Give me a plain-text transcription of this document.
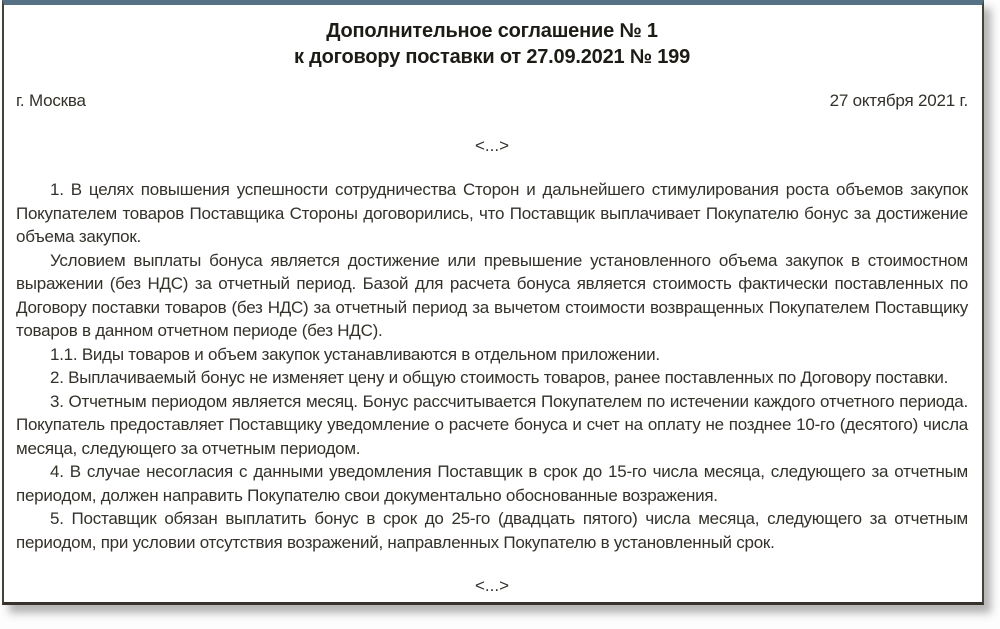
Дополнительное соглашение № 1
к договору поставки от 27.09.2021 № 199
г. Москва	27 октября 2021 г.
<...>

1. В целях повышения успешности сотрудничества Сторон и дальнейшего стимулирования роста объемов закупок Покупателем товаров Поставщика Стороны договорились, что Поставщик выплачивает Покупателю бонус за достижение объема закупок.

Условием выплаты бонуса является достижение или превышение установленного объема закупок в стоимостном выражении (без НДС) за отчетный период. Базой для расчета бонуса является стоимость фактически поставленных по Договору поставки товаров (без НДС) за отчетный период за вычетом стоимости возвращенных Покупателем Поставщику товаров в данном отчетном периоде (без НДС).

1.1. Виды товаров и объем закупок устанавливаются в отдельном приложении.

2. Выплачиваемый бонус не изменяет цену и общую стоимость товаров, ранее поставленных по Договору поставки.

3. Отчетным периодом является месяц. Бонус рассчитывается Покупателем по истечении каждого отчетного периода. Покупатель предоставляет Поставщику уведомление о расчете бонуса и счет на оплату не позднее 10-го (десятого) числа месяца, следующего за отчетным периодом.

4. В случае несогласия с данными уведомления Поставщик в срок до 15-го числа месяца, следующего за отчетным периодом, должен направить Покупателю свои документально обоснованные возражения.

5. Поставщик обязан выплатить бонус в срок до 25-го (двадцать пятого) числа месяца, следующего за отчетным периодом, при условии отсутствия возражений, направленных Покупателю в установленный срок.

<...>
